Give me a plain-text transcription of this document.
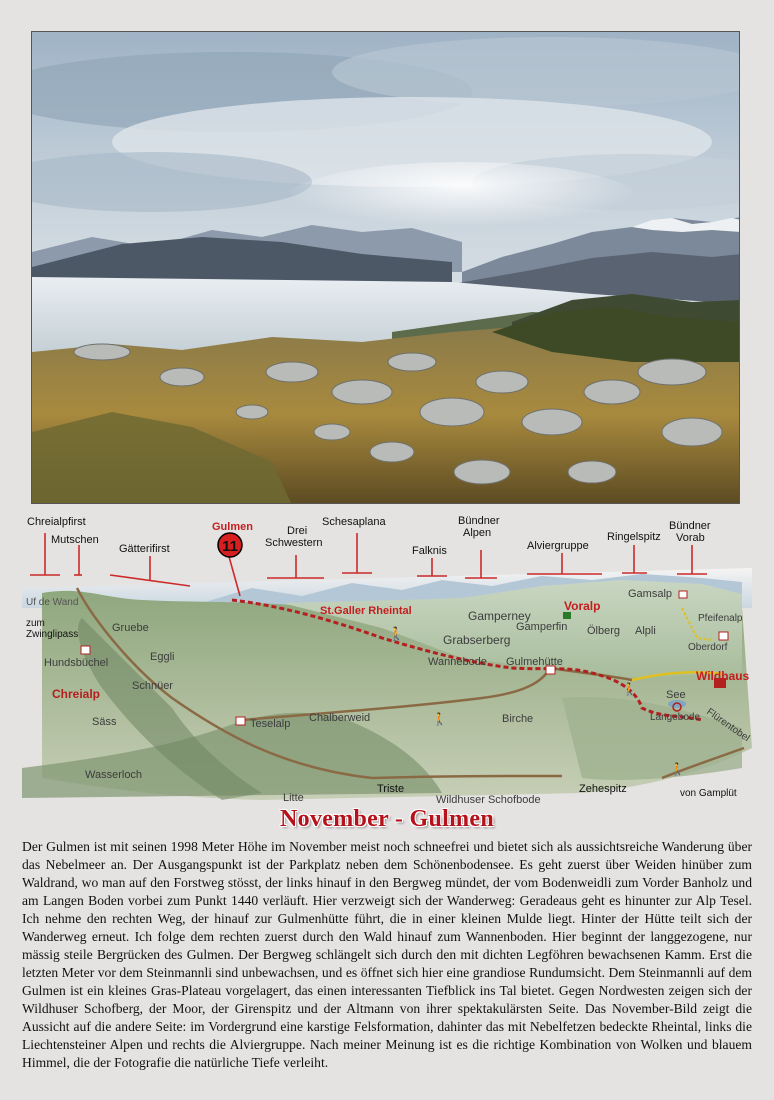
11
🚶
🚶
🚶
🚶
Chreialpfirst
Mutschen
Gätterifirst
Gulmen	Drei
Schwestern
Schesaplana
Falknis
Bündner
Alpen
Alviergruppe
Ringelspitz
Bündner
Vorab
Uf de Wand
zum
Zwinglipass
Gruebe
Hundsbüchel	Eggli
Chreialp
Schnüer
Säss	Teselalp Chalberweid
Wasserloch
Litte
Triste
Wildhuser Schofbode
Zehespitz	von Gamplüt
St.Galler Rheintal	Gamperney
Voralp
Gamsalp
Grabserberg
Gamperfin Ölberg Alpli
Pfeifenalp
Oberdorf
Wannebode Gulmehütte
Wildhaus
See
Langebode Flürentobel
Birche
November - Gulmen
Der Gulmen ist mit seinen 1998 Meter Höhe im November meist noch schneefrei und bietet sich als aussichtsreiche Wanderung über das Nebelmeer an. Der Ausgangspunkt ist der Parkplatz neben dem Schönenbodensee. Es geht zuerst über Weiden hinüber zum Waldrand, wo man auf den Forstweg stösst, der links hinauf in den Bergweg mündet, der vom Bodenweidli zum Vorder Banholz und am Langen Boden vorbei zum Punkt 1440 verläuft. Hier verzweigt sich der Wanderweg: Geradeaus geht es hinunter zur Alp Tesel. Ich nehme den rechten Weg, der hinauf zur Gulmenhütte führt, die in einer kleinen Mulde liegt. Hinter der Hütte teilt sich der Wanderweg erneut. Ich folge dem rechten zuerst durch den Wald hinauf zum Wannenboden. Hier beginnt der langgezogene, nur mässig steile Bergrücken des Gulmen. Der Bergweg schlängelt sich durch den mit dichten Legföhren bewachsenen Kamm. Erst die letzten Meter vor dem Steinmannli sind unbewachsen, und es öffnet sich hier eine grandiose Rundumsicht. Dem Steinmannli auf dem Gulmen ist ein kleines Gras-Plateau vorgelagert, das einen interessanten Tiefblick ins Tal bietet. Gegen Nordwesten zeigen sich der Wildhuser Schofberg, der Moor, der Girenspitz und der Altmann von ihrer spektakulärsten Seite. Das November-Bild zeigt die Aussicht auf die andere Seite: im Vordergrund eine karstige Felsformation, dahinter das mit Nebelfetzen bedeckte Rheintal, links die Liechtensteiner Alpen und rechts die Alviergruppe. Nach meiner Meinung ist es die richtige Kombination von Wolken und blauem Himmel, die der Fotografie die natürliche Tiefe verleiht.
